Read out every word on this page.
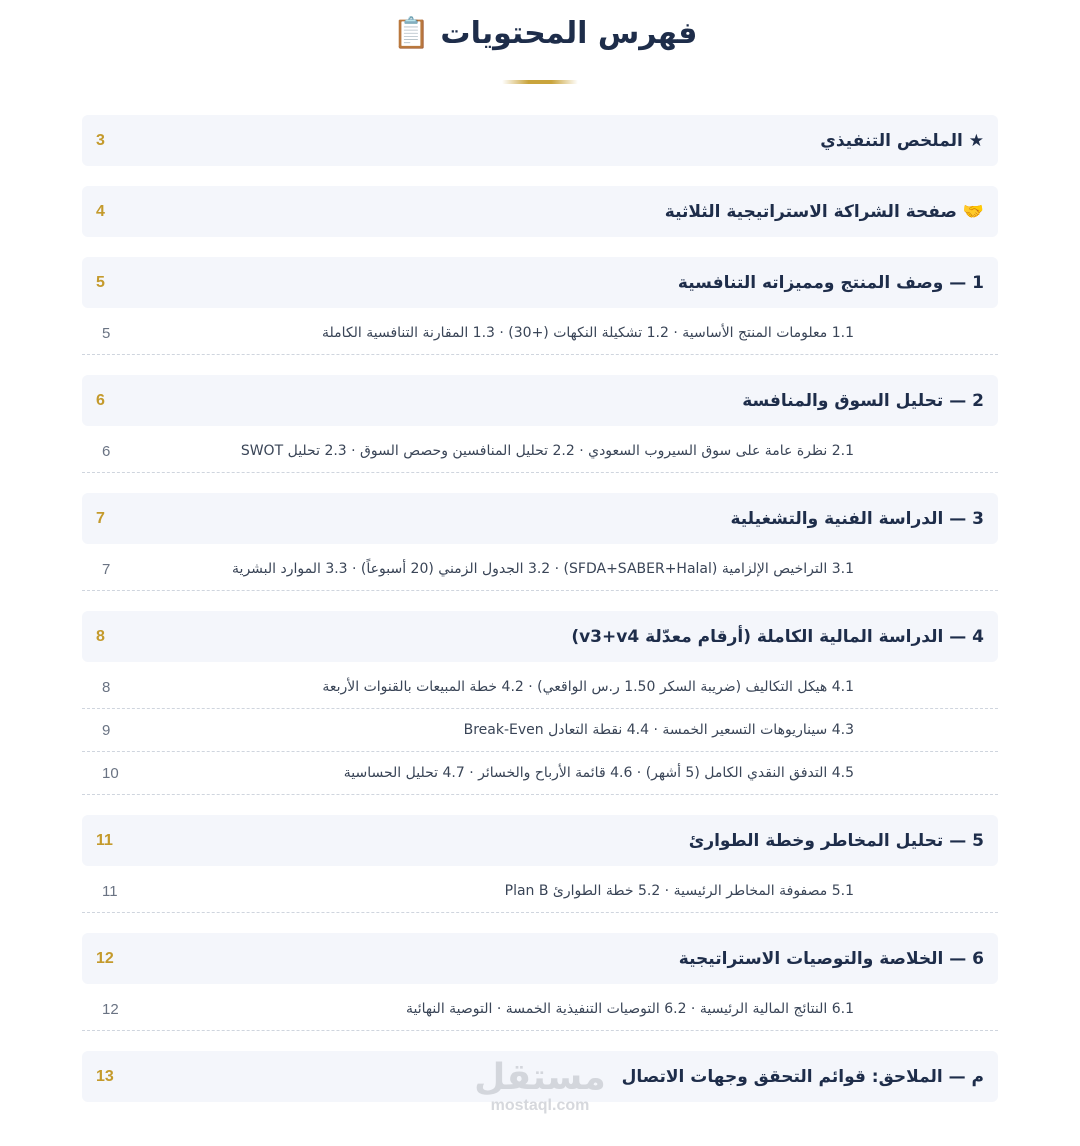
فهرس المحتويات 📋
★ الملخص التنفيذي
3
🤝 صفحة الشراكة الاستراتيجية الثلاثية
4
1 — وصف المنتج ومميزاته التنافسية
5
1.1 معلومات المنتج الأساسية · 1.2 تشكيلة النكهات (+30) · 1.3 المقارنة التنافسية الكاملة
5
2 — تحليل السوق والمنافسة
6
2.1 نظرة عامة على سوق السيروب السعودي · 2.2 تحليل المنافسين وحصص السوق · 2.3 تحليل SWOT
6
3 — الدراسة الفنية والتشغيلية
7
3.1 التراخيص الإلزامية (SFDA+SABER+Halal) · 3.2 الجدول الزمني (20 أسبوعاً) · 3.3 الموارد البشرية
7
4 — الدراسة المالية الكاملة (أرقام معدّلة v3+v4)
8
4.1 هيكل التكاليف (ضريبة السكر 1.50 ر.س الواقعي) · 4.2 خطة المبيعات بالقنوات الأربعة
8
4.3 سيناريوهات التسعير الخمسة · 4.4 نقطة التعادل Break-Even
9
4.5 التدفق النقدي الكامل (5 أشهر) · 4.6 قائمة الأرباح والخسائر · 4.7 تحليل الحساسية
10
5 — تحليل المخاطر وخطة الطوارئ
11
5.1 مصفوفة المخاطر الرئيسية · 5.2 خطة الطوارئ Plan B
11
6 — الخلاصة والتوصيات الاستراتيجية
12
6.1 النتائج المالية الرئيسية · 6.2 التوصيات التنفيذية الخمسة · التوصية النهائية
12
م — الملاحق: قوائم التحقق وجهات الاتصال
13	مستقل
mostaql.com
